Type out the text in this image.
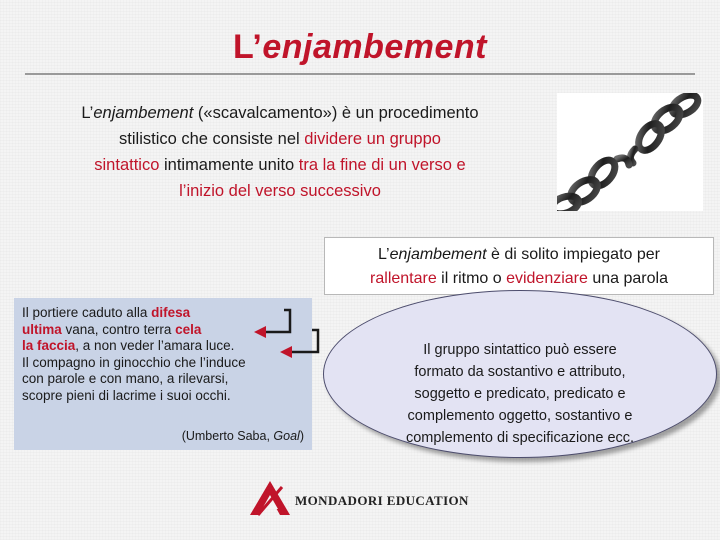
L’enjambement
L’enjambement («scavalcamento») è un procedimento
stilistico che consiste nel dividere un gruppo
sintattico intimamente unito tra la fine di un verso e
l’inizio del verso successivo
© istock
L’enjambement è di solito impiegato per
rallentare il ritmo o evidenziare una parola
Il portiere caduto alla difesa
ultima vana, contro terra cela
la faccia, a non veder l’amara luce.
Il compagno in ginocchio che l’induce
con parole e con mano, a rilevarsi,
scopre pieni di lacrime i suoi occhi.
(Umberto Saba, Goal)
Il gruppo sintattico può essere
formato da sostantivo e attributo,
soggetto e predicato, predicato e
complemento oggetto, sostantivo e
complemento di specificazione ecc.
MONDADORI EDUCATION
